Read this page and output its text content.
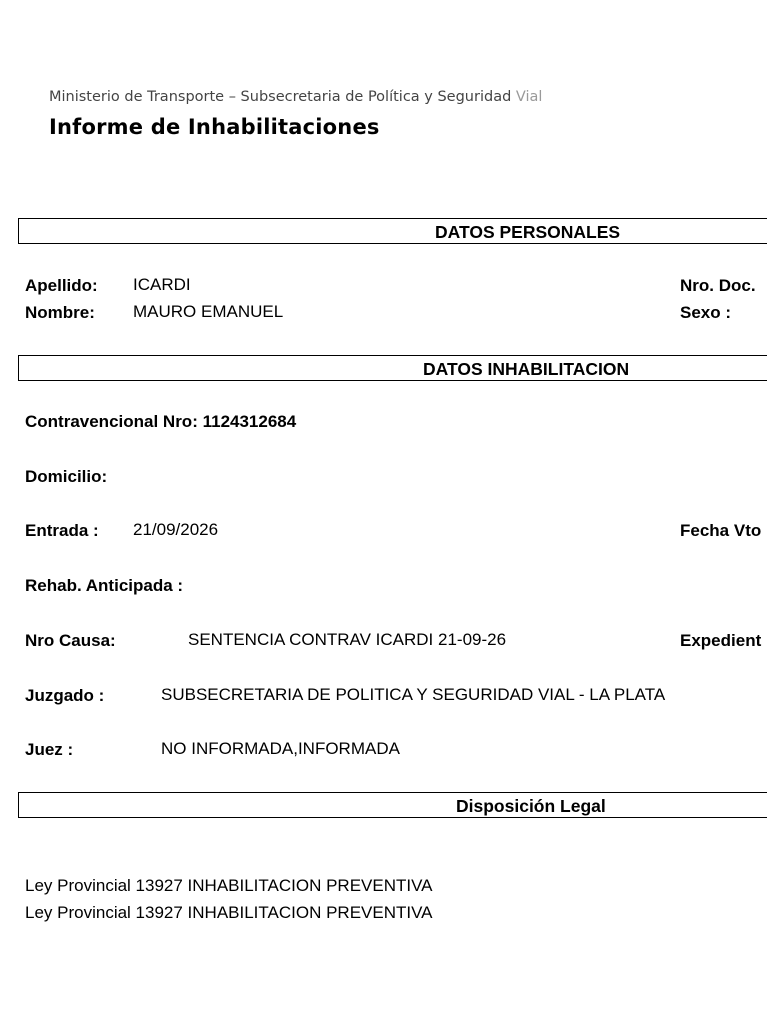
Ministerio de Transporte – Subsecretaria de Política y Seguridad Vial
Informe de Inhabilitaciones
DATOS PERSONALES
Apellido: ICARDI	Nro. Doc.
Nombre: MAURO EMANUEL	Sexo :
DATOS INHABILITACION
Contravencional Nro: 1124312684
Domicilio:
Entrada : 21/09/2026	Fecha Vto
Rehab. Anticipada :
Nro Causa:	SENTENCIA CONTRAV ICARDI 21-09-26	Expedient
Juzgado :	SUBSECRETARIA DE POLITICA Y SEGURIDAD VIAL - LA PLATA
Juez :	NO INFORMADA,INFORMADA
Disposición Legal
Ley Provincial 13927 INHABILITACION PREVENTIVA
Ley Provincial 13927 INHABILITACION PREVENTIVA
